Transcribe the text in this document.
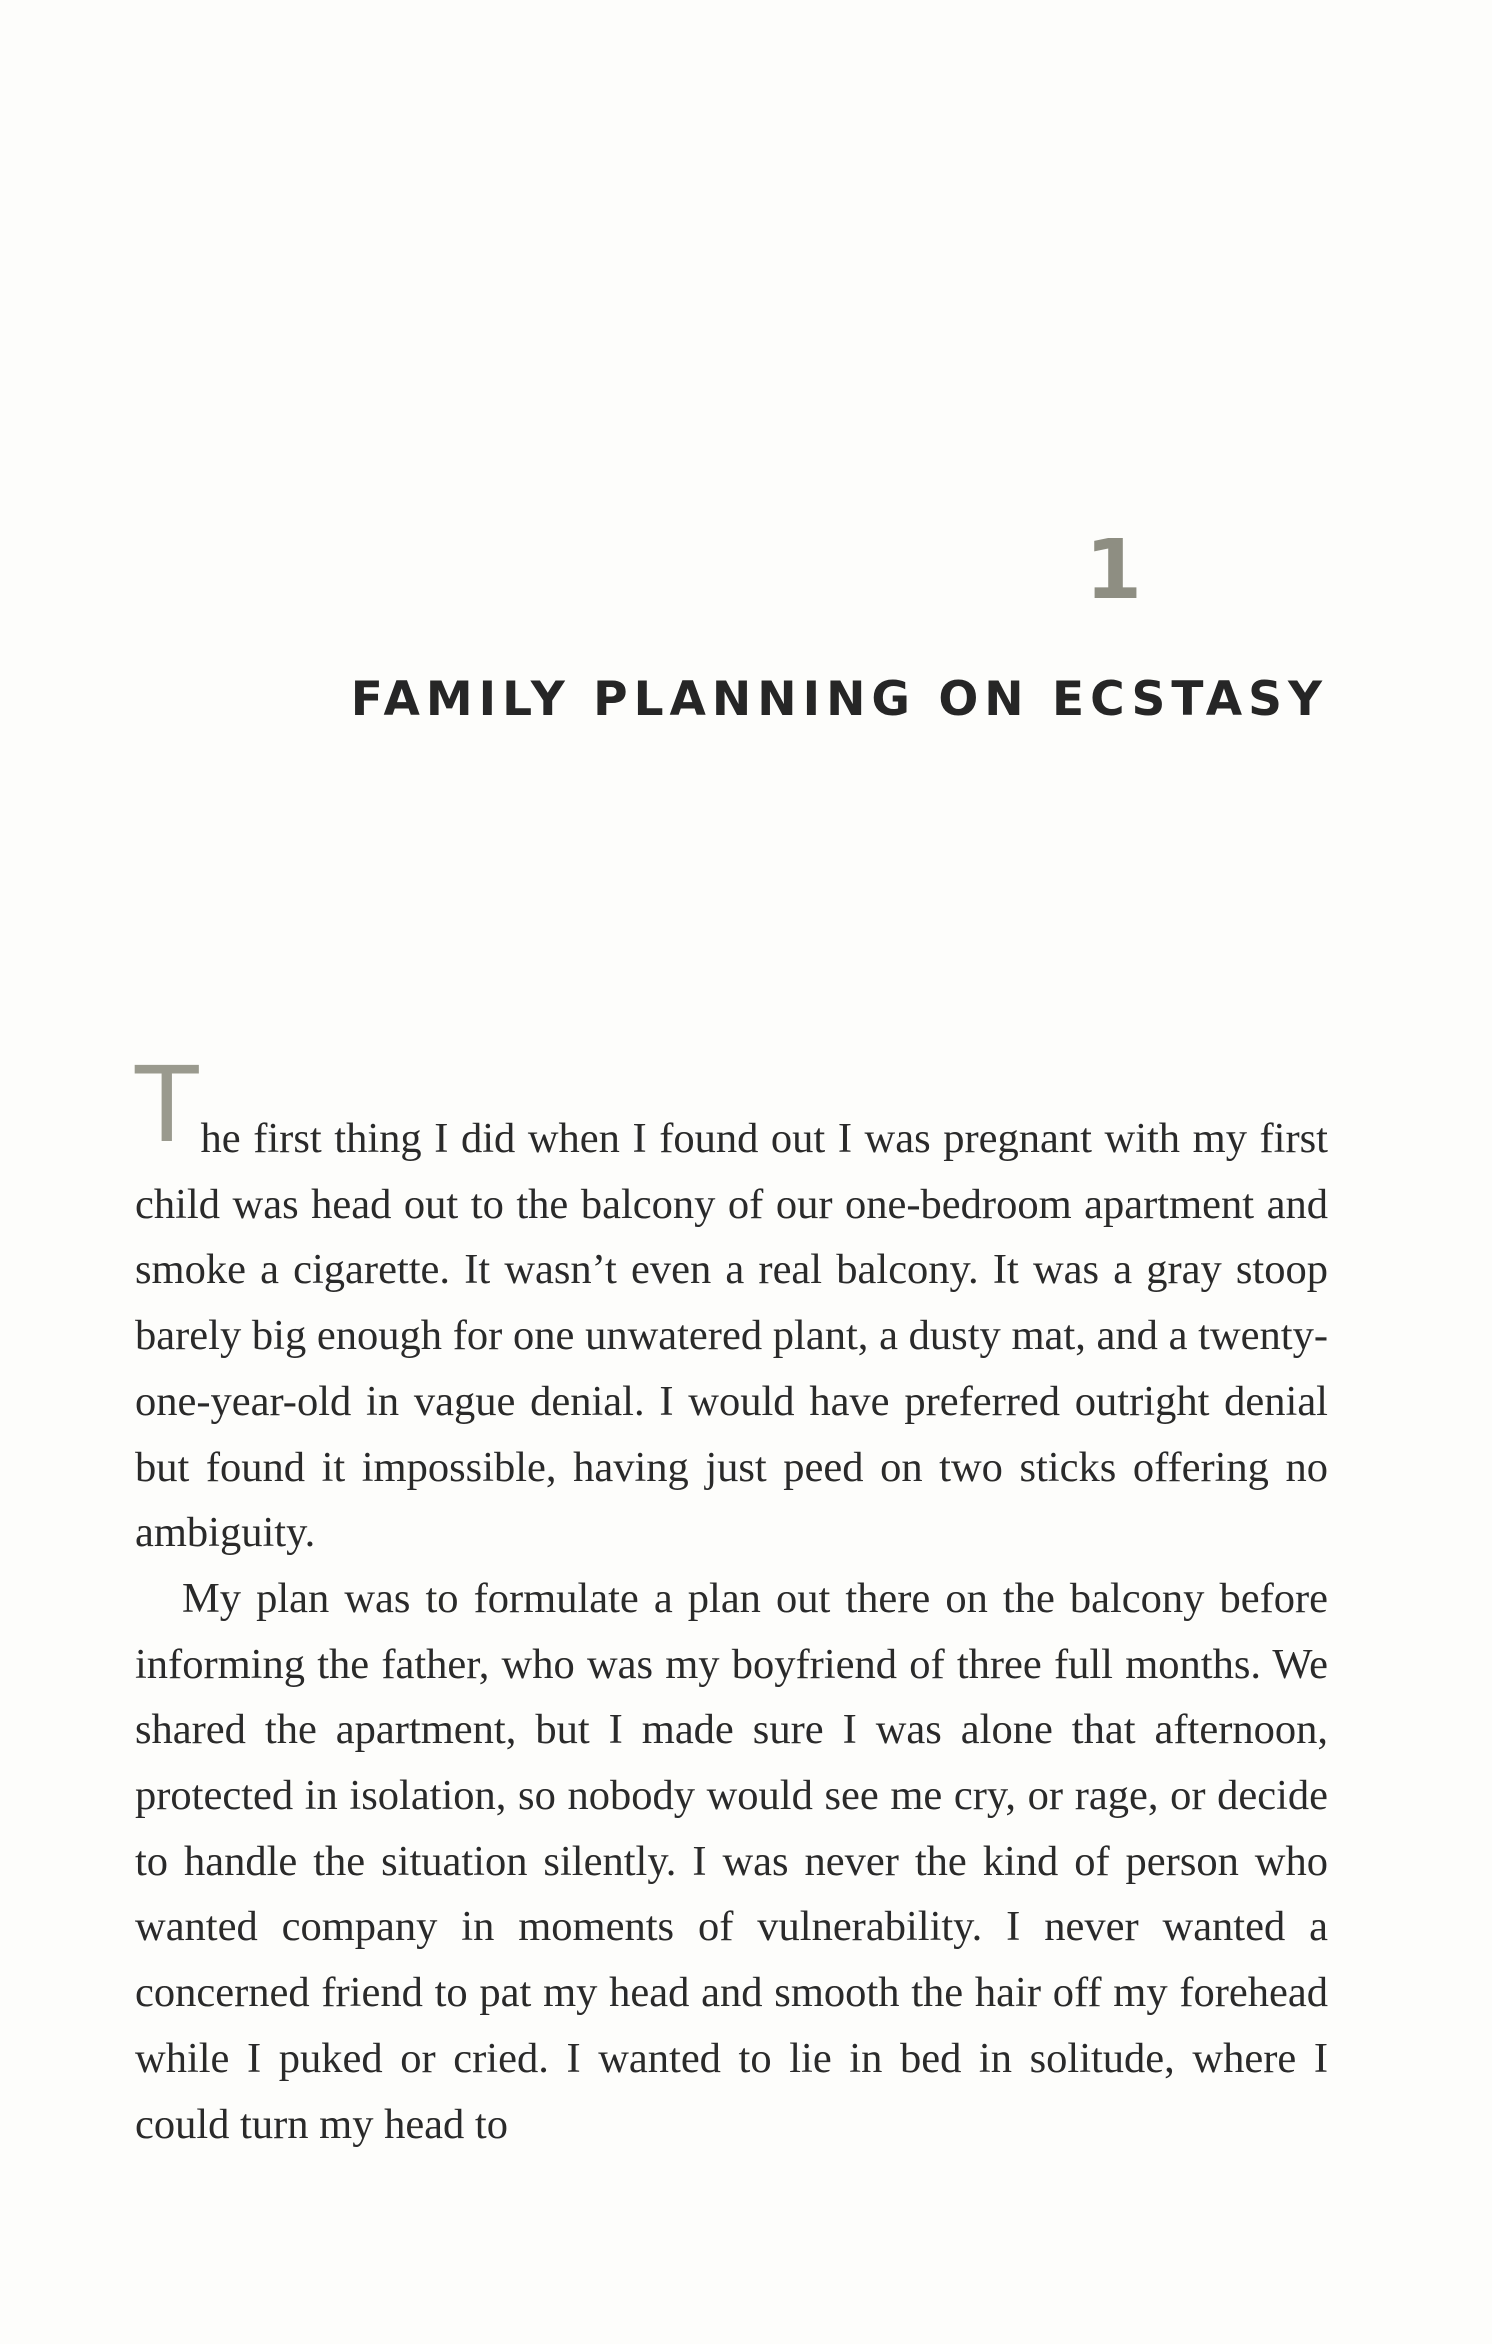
1
FAMILY PLANNING ON ECSTASY

The first thing I did when I found out I was pregnant with my first child was head out to the balcony of our one-bedroom apartment and smoke a cigarette. It wasn’t even a real balcony. It was a gray stoop barely big enough for one unwatered plant, a dusty mat, and a twenty-one-year-old in vague denial. I would have preferred outright denial but found it impossible, having just peed on two sticks offering no ambiguity.

My plan was to formulate a plan out there on the balcony before informing the father, who was my boyfriend of three full months. We shared the apartment, but I made sure I was alone that afternoon, protected in isolation, so nobody would see me cry, or rage, or decide to handle the situation silently. I was never the kind of person who wanted company in moments of vulnerability. I never wanted a concerned friend to pat my head and smooth the hair off my forehead while I puked or cried. I wanted to lie in bed in solitude, where I could turn my head to
